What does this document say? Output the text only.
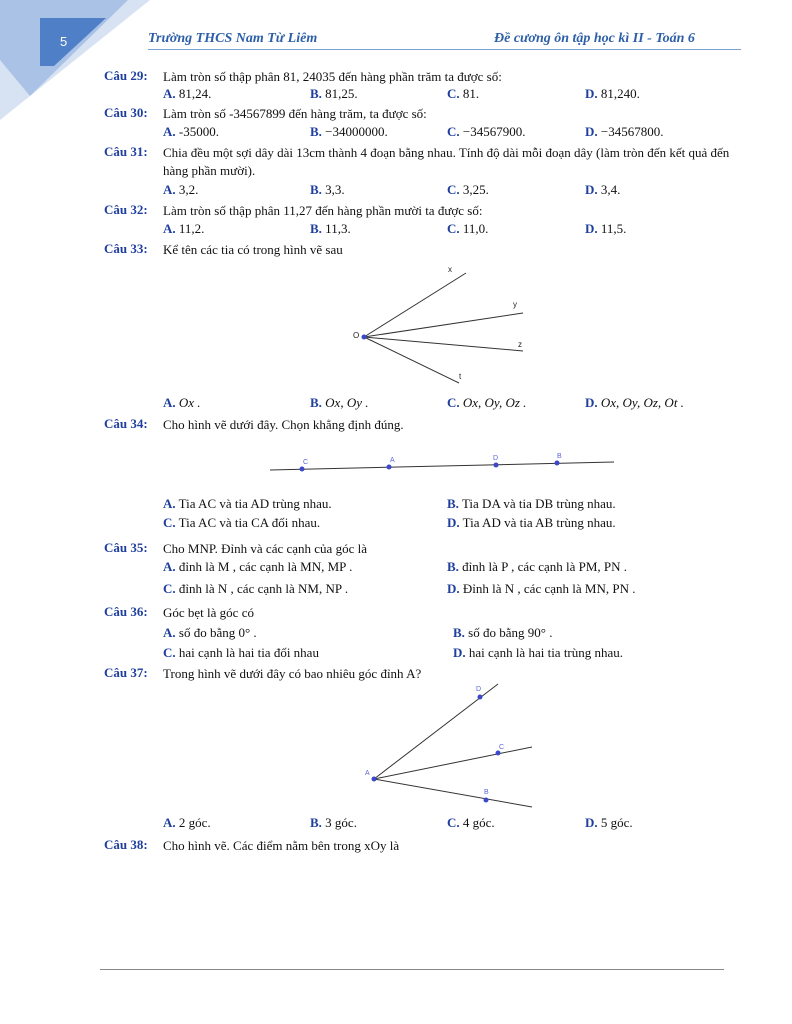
5	Trường THCS Nam Từ Liêm	Đề cương ôn tập học kì II - Toán 6
Câu 29: Làm tròn số thập phân 81, 24035 đến hàng phần trăm ta được số:
A. 81,24.	B. 81,25.	C. 81.	D. 81,240.
Câu 30: Làm tròn số -34567899 đến hàng trăm, ta được số:
A. -35000.	B. −34000000.	C. −34567900.	D. −34567800.
Câu 31: Chia đều một sợi dây dài 13cm thành 4 đoạn bằng nhau. Tính độ dài mỗi đoạn dây (làm tròn đến kết quả đến hàng phần mười).
A. 3,2.	B. 3,3.	C. 3,25.	D. 3,4.
Câu 32: Làm tròn số thập phân 11,27 đến hàng phần mười ta được số:
A. 11,2.	B. 11,3.	C. 11,0.	D. 11,5.
Câu 33: Kể tên các tia có trong hình vẽ sau
x
y
O
z
t
A. Ox .	B. Ox, Oy .	C. Ox, Oy, Oz .	D. Ox, Oy, Oz, Ot .
Câu 34: Cho hình vẽ dưới đây. Chọn khẳng định đúng.
C	A	D	B
A. Tia AC và tia AD trùng nhau.	B. Tia DA và tia DB trùng nhau.
C. Tia AC và tia CA đối nhau.	D. Tia AD và tia AB trùng nhau.
Câu 35: Cho MNP. Đỉnh và các cạnh của góc là
A. đỉnh là M , các cạnh là MN, MP .	B. đỉnh là P , các cạnh là PM, PN .
C. đỉnh là N , các cạnh là NM, NP .	D. Đỉnh là N , các cạnh là MN, PN .
Câu 36: Góc bẹt là góc có
A. số đo bằng 0° .	B. số đo bằng 90° .
C. hai cạnh là hai tia đối nhau	D. hai cạnh là hai tia trùng nhau.
Câu 37: Trong hình vẽ dưới đây có bao nhiêu góc đỉnh A?
D
C
A
B
A. 2 góc.	B. 3 góc.	C. 4 góc.	D. 5 góc.
Câu 38: Cho hình vẽ. Các điểm nằm bên trong xOy là
